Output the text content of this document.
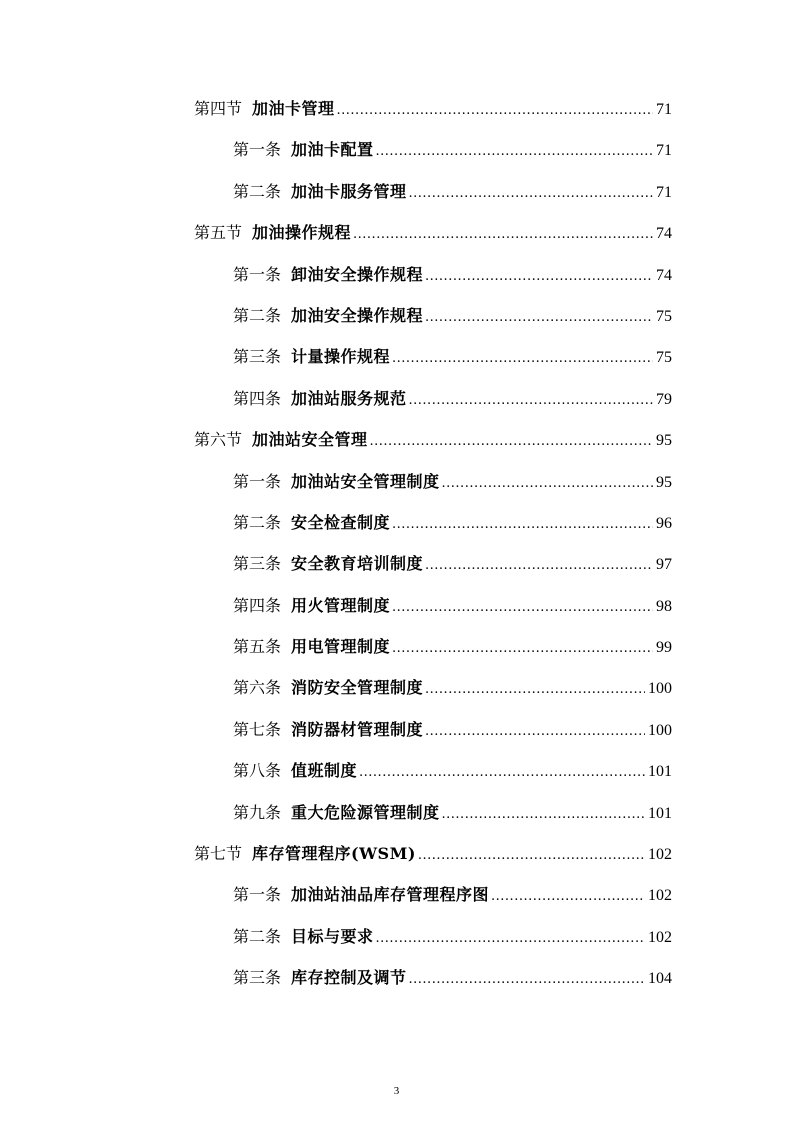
第四节 加油卡管理 .....	71
第一条 加油卡配置 .....	71
第二条 加油卡服务管理 .....	71
第五节 加油操作规程 .....	74
第一条 卸油安全操作规程 .....	74
第二条 加油安全操作规程 .....	75
第三条 计量操作规程 .....	75
第四条 加油站服务规范 .....	79
第六节 加油站安全管理 .....	95
第一条 加油站安全管理制度 .....	95
第二条 安全检查制度 .....	96
第三条 安全教育培训制度 .....	97
第四条 用火管理制度 .....	98
第五条 用电管理制度 .....	99
第六条 消防安全管理制度 .....	100
第七条 消防器材管理制度 .....	100
第八条 值班制度 .....	101
第九条 重大危险源管理制度 .....	101
第七节 库存管理程序(WSM) .....	102
第一条 加油站油品库存管理程序图 .....	102
第二条 目标与要求 .....	102
第三条 库存控制及调节 .....	104
3
